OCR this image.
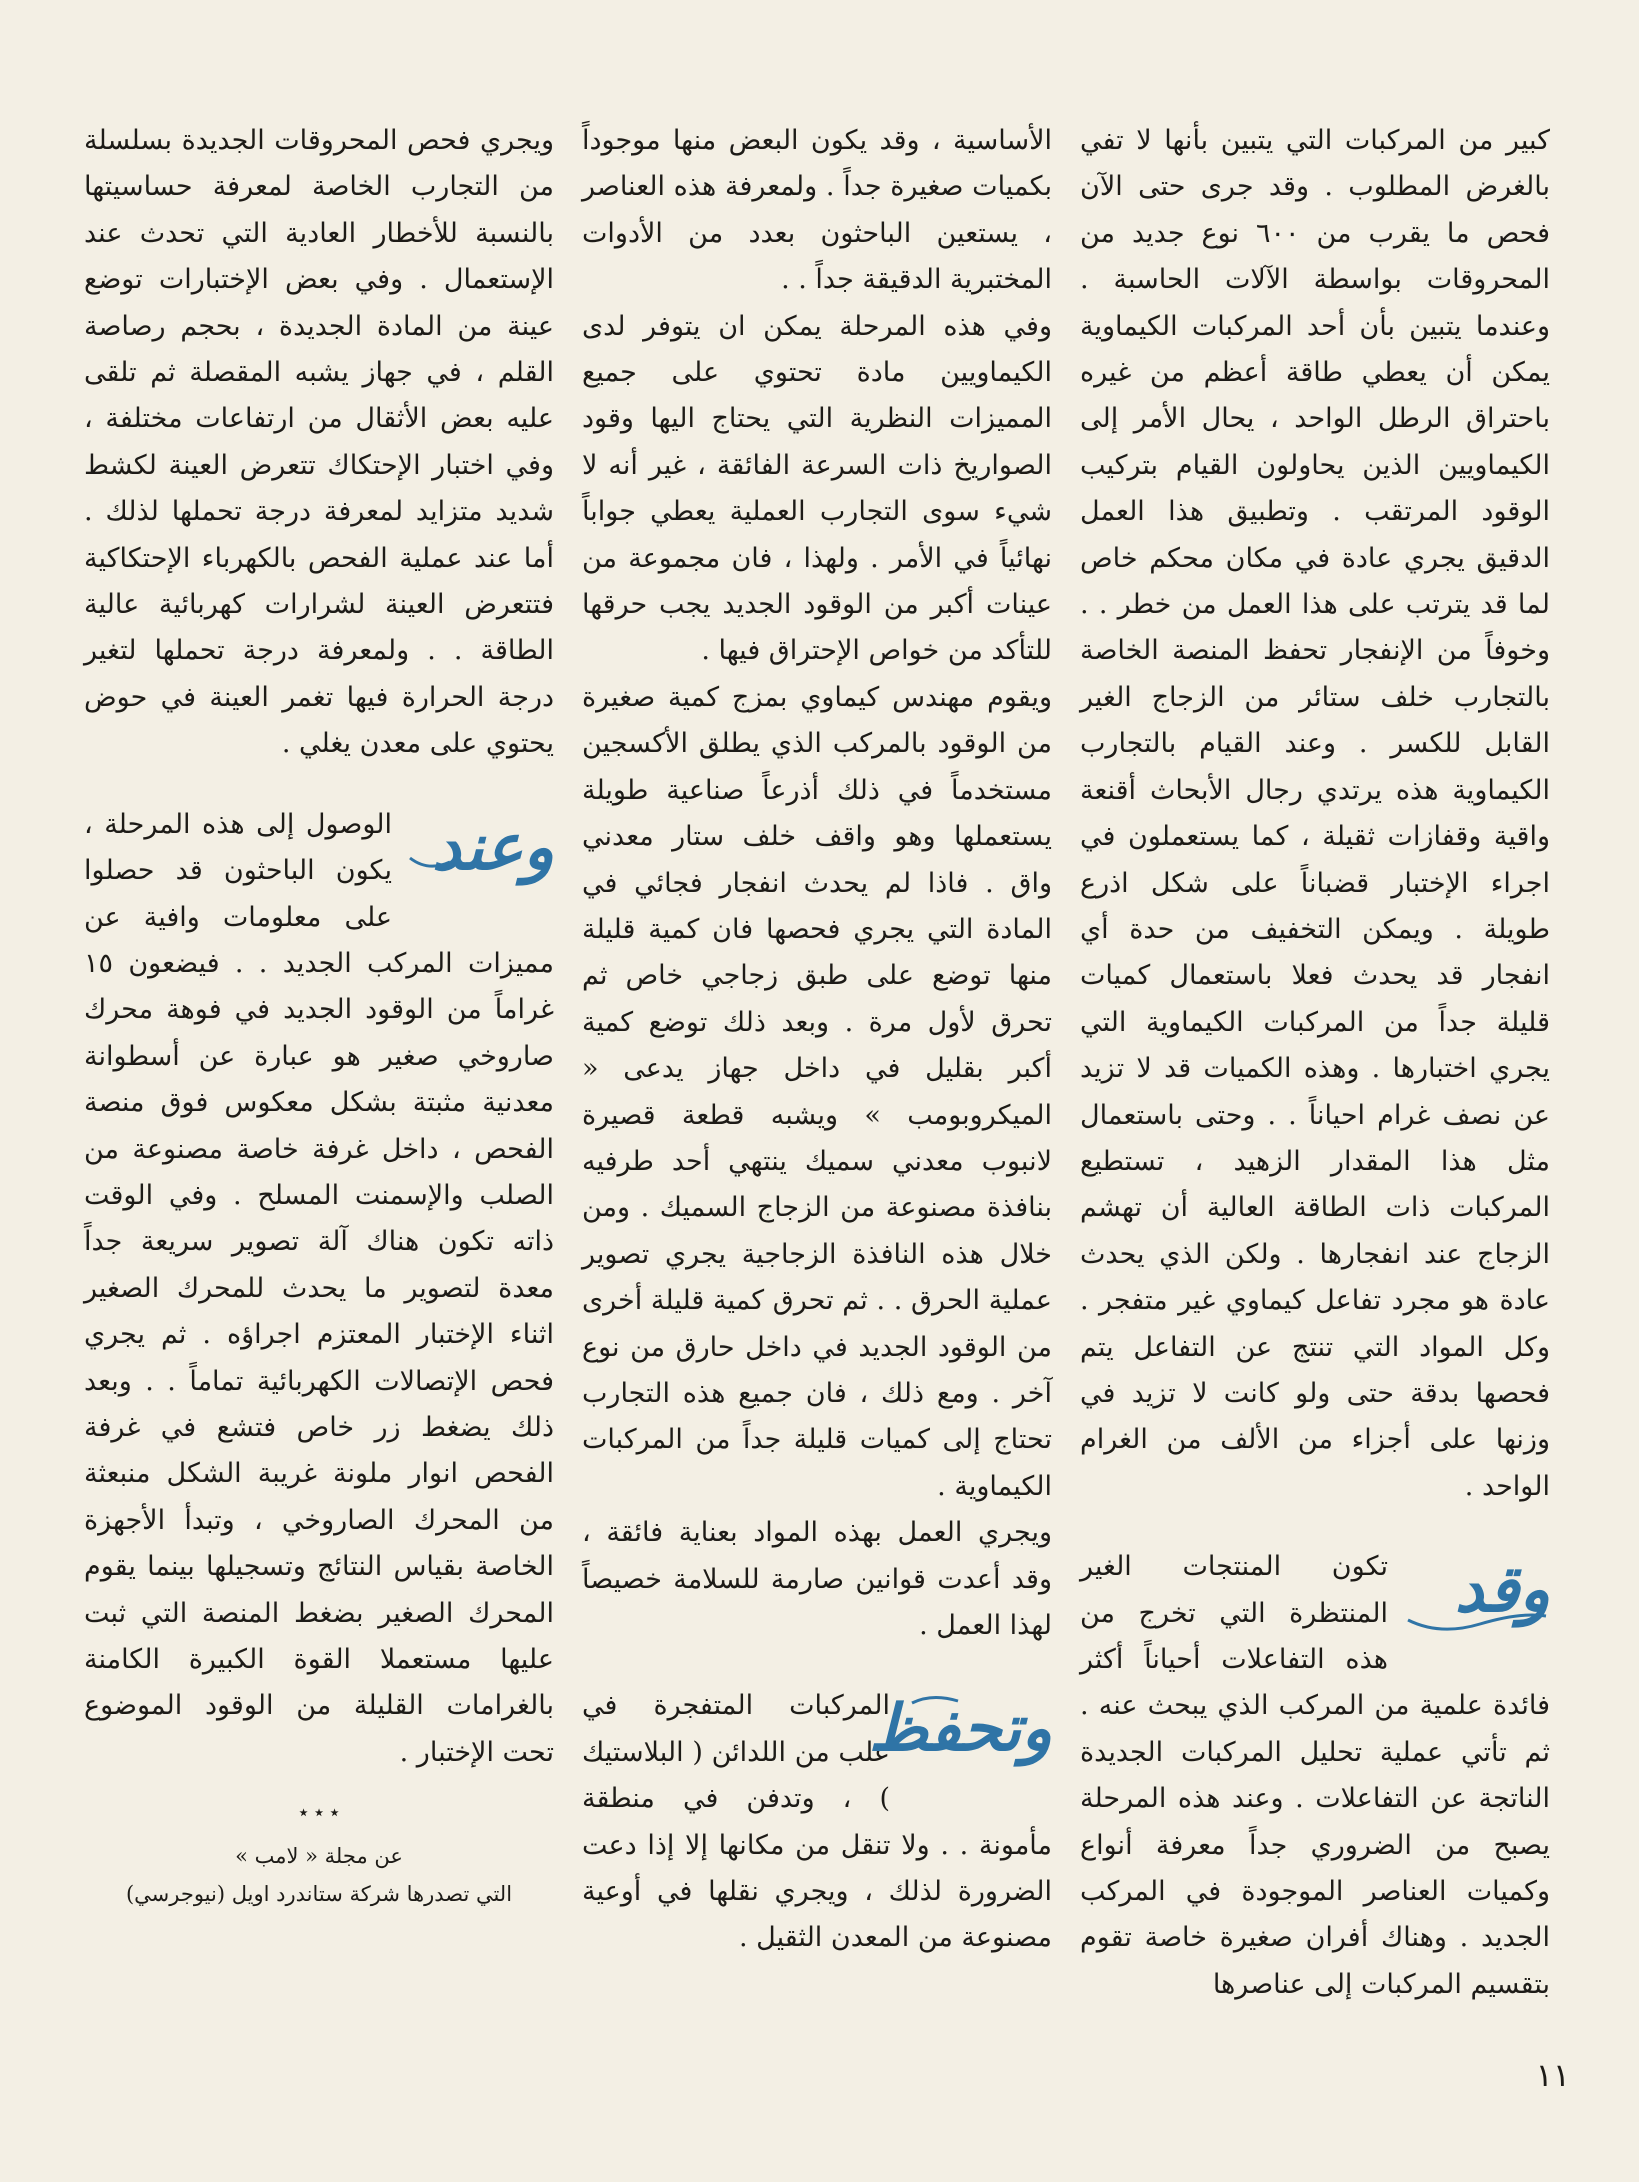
كبير من المركبات التي يتبين بأنها لا تفي بالغرض المطلوب . وقد جرى حتى الآن فحص ما يقرب من ٦٠٠ نوع جديد من المحروقات بواسطة الآلات الحاسبة . وعندما يتبين بأن أحد المركبات الكيماوية يمكن أن يعطي طاقة أعظم من غيره باحتراق الرطل الواحد ، يحال الأمر إلى الكيماويين الذين يحاولون القيام بتركيب الوقود المرتقب . وتطبيق هذا العمل الدقيق يجري عادة في مكان محكم خاص لما قد يترتب على هذا العمل من خطر . . وخوفاً من الإنفجار تحفظ المنصة الخاصة بالتجارب خلف ستائر من الزجاج الغير القابل للكسر . وعند القيام بالتجارب الكيماوية هذه يرتدي رجال الأبحاث أقنعة واقية وقفازات ثقيلة ، كما يستعملون في اجراء الإختبار قضباناً على شكل اذرع طويلة . ويمكن التخفيف من حدة أي انفجار قد يحدث فعلا باستعمال كميات قليلة جداً من المركبات الكيماوية التي يجري اختبارها . وهذه الكميات قد لا تزيد عن نصف غرام احياناً . . وحتى باستعمال مثل هذا المقدار الزهيد ، تستطيع المركبات ذات الطاقة العالية أن تهشم الزجاج عند انفجارها . ولكن الذي يحدث عادة هو مجرد تفاعل كيماوي غير متفجر . وكل المواد التي تنتج عن التفاعل يتم فحصها بدقة حتى ولو كانت لا تزيد في وزنها على أجزاء من الألف من الغرام الواحد .

وقد

تكون المنتجات الغير المنتظرة التي تخرج من هذه التفاعلات أحياناً أكثر فائدة علمية من المركب الذي يبحث عنه . ثم تأتي عملية تحليل المركبات الجديدة الناتجة عن التفاعلات . وعند هذه المرحلة يصبح من الضروري جداً معرفة أنواع وكميات العناصر الموجودة في المركب الجديد . وهناك أفران صغيرة خاصة تقوم بتقسيم المركبات إلى عناصرها

الأساسية ، وقد يكون البعض منها موجوداً بكميات صغيرة جداً . ولمعرفة هذه العناصر ، يستعين الباحثون بعدد من الأدوات المختبرية الدقيقة جداً . .

وفي هذه المرحلة يمكن ان يتوفر لدى الكيماويين مادة تحتوي على جميع المميزات النظرية التي يحتاج اليها وقود الصواريخ ذات السرعة الفائقة ، غير أنه لا شيء سوى التجارب العملية يعطي جواباً نهائياً في الأمر . ولهذا ، فان مجموعة من عينات أكبر من الوقود الجديد يجب حرقها للتأكد من خواص الإحتراق فيها .

ويقوم مهندس كيماوي بمزج كمية صغيرة من الوقود بالمركب الذي يطلق الأكسجين مستخدماً في ذلك أذرعاً صناعية طويلة يستعملها وهو واقف خلف ستار معدني واق . فاذا لم يحدث انفجار فجائي في المادة التي يجري فحصها فان كمية قليلة منها توضع على طبق زجاجي خاص ثم تحرق لأول مرة . وبعد ذلك توضع كمية أكبر بقليل في داخل جهاز يدعى « الميكروبومب » ويشبه قطعة قصيرة لانبوب معدني سميك ينتهي أحد طرفيه بنافذة مصنوعة من الزجاج السميك . ومن خلال هذه النافذة الزجاجية يجري تصوير عملية الحرق . . ثم تحرق كمية قليلة أخرى من الوقود الجديد في داخل حارق من نوع آخر . ومع ذلك ، فان جميع هذه التجارب تحتاج إلى كميات قليلة جداً من المركبات الكيماوية .

ويجري العمل بهذه المواد بعناية فائقة ، وقد أعدت قوانين صارمة للسلامة خصيصاً لهذا العمل .

وتحفظ

المركبات المتفجرة في علب من اللدائن ( البلاستيك ) ، وتدفن في منطقة مأمونة . . ولا تنقل من مكانها إلا إذا دعت الضرورة لذلك ، ويجري نقلها في أوعية مصنوعة من المعدن الثقيل .

ويجري فحص المحروقات الجديدة بسلسلة من التجارب الخاصة لمعرفة حساسيتها بالنسبة للأخطار العادية التي تحدث عند الإستعمال . وفي بعض الإختبارات توضع عينة من المادة الجديدة ، بحجم رصاصة القلم ، في جهاز يشبه المقصلة ثم تلقى عليه بعض الأثقال من ارتفاعات مختلفة ، وفي اختبار الإحتكاك تتعرض العينة لكشط شديد متزايد لمعرفة درجة تحملها لذلك . أما عند عملية الفحص بالكهرباء الإحتكاكية فتتعرض العينة لشرارات كهربائية عالية الطاقة . . ولمعرفة درجة تحملها لتغير درجة الحرارة فيها تغمر العينة في حوض يحتوي على معدن يغلي .

وعند

الوصول إلى هذه المرحلة ، يكون الباحثون قد حصلوا على معلومات وافية عن مميزات المركب الجديد . . فيضعون ١٥ غراماً من الوقود الجديد في فوهة محرك صاروخي صغير هو عبارة عن أسطوانة معدنية مثبتة بشكل معكوس فوق منصة الفحص ، داخل غرفة خاصة مصنوعة من الصلب والإسمنت المسلح . وفي الوقت ذاته تكون هناك آلة تصوير سريعة جداً معدة لتصوير ما يحدث للمحرك الصغير اثناء الإختبار المعتزم اجراؤه . ثم يجري فحص الإتصالات الكهربائية تماماً . . وبعد ذلك يضغط زر خاص فتشع في غرفة الفحص انوار ملونة غريبة الشكل منبعثة من المحرك الصاروخي ، وتبدأ الأجهزة الخاصة بقياس النتائج وتسجيلها بينما يقوم المحرك الصغير بضغط المنصة التي ثبت عليها مستعملا القوة الكبيرة الكامنة بالغرامات القليلة من الوقود الموضوع تحت الإختبار .

٭ ٭ ٭

عن مجلة « لامب »

التي تصدرها شركة ستاندرد اويل (نيوجرسي)

١١
